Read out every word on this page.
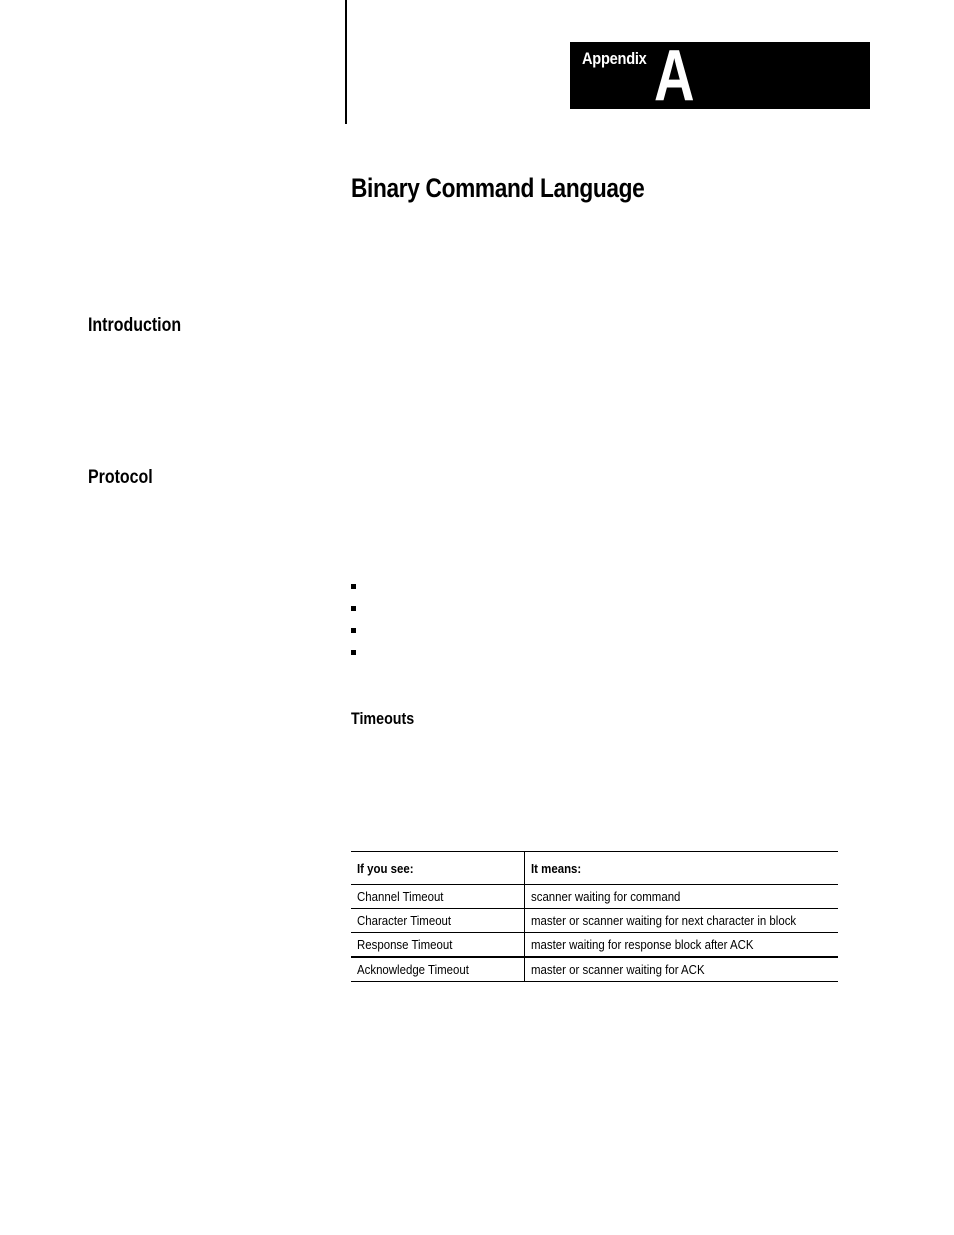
Appendix A
Binary Command Language
Introduction
Protocol
Timeouts
If you see:	It means:
Channel Timeout	scanner waiting for command
Character Timeout	master or scanner waiting for next character in block
Response Timeout	master waiting for response block after ACK
Acknowledge Timeout	master or scanner waiting for ACK
